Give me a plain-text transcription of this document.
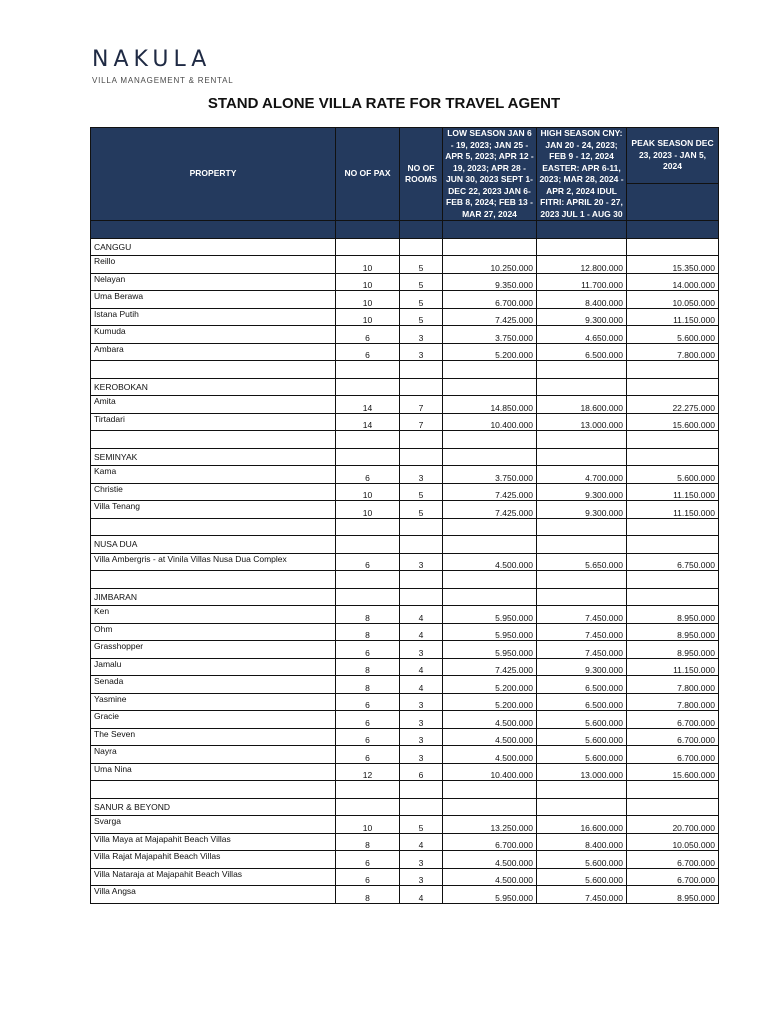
NAKULA
VILLA MANAGEMENT & RENTAL
STAND ALONE VILLA RATE FOR TRAVEL AGENT
PROPERTY	NO OF PAX	NO OF ROOMS	LOW SEASON JAN 6 - 19, 2023; JAN 25 - APR 5, 2023; APR 12 - 19, 2023; APR 28 - JUN 30, 2023 SEPT 1-DEC 22, 2023 JAN 6-FEB 8, 2024; FEB 13 - MAR 27, 2024	HIGH SEASON CNY: JAN 20 - 24, 2023; FEB 9 - 12, 2024 EASTER: APR 6-11, 2023; MAR 28, 2024 - APR 2, 2024 IDUL FITRI: APRIL 20 - 27, 2023 JUL 1 - AUG 30	PEAK SEASON DEC 23, 2023 - JAN 5, 2024

CANGGU					
Reillo	10	5	10.250.000	12.800.000	15.350.000
Nelayan	10	5	9.350.000	11.700.000	14.000.000
Uma Berawa	10	5	6.700.000	8.400.000	10.050.000
Istana Putih	10	5	7.425.000	9.300.000	11.150.000
Kumuda	6	3	3.750.000	4.650.000	5.600.000
Ambara	6	3	5.200.000	6.500.000	7.800.000

KEROBOKAN					
Amita	14	7	14.850.000	18.600.000	22.275.000
Tirtadari	14	7	10.400.000	13.000.000	15.600.000

SEMINYAK					
Kama	6	3	3.750.000	4.700.000	5.600.000
Christie	10	5	7.425.000	9.300.000	11.150.000
Villa Tenang	10	5	7.425.000	9.300.000	11.150.000

NUSA DUA					
Villa Ambergris - at Vinila Villas Nusa Dua Complex	6	3	4.500.000	5.650.000	6.750.000

JIMBARAN					
Ken	8	4	5.950.000	7.450.000	8.950.000
Ohm	8	4	5.950.000	7.450.000	8.950.000
Grasshopper	6	3	5.950.000	7.450.000	8.950.000
Jamalu	8	4	7.425.000	9.300.000	11.150.000
Senada	8	4	5.200.000	6.500.000	7.800.000
Yasmine	6	3	5.200.000	6.500.000	7.800.000
Gracie	6	3	4.500.000	5.600.000	6.700.000
The Seven	6	3	4.500.000	5.600.000	6.700.000
Nayra	6	3	4.500.000	5.600.000	6.700.000
Uma Nina	12	6	10.400.000	13.000.000	15.600.000

SANUR & BEYOND					
Svarga	10	5	13.250.000	16.600.000	20.700.000
Villa Maya at Majapahit Beach Villas	8	4	6.700.000	8.400.000	10.050.000
Villa Rajat Majapahit Beach Villas	6	3	4.500.000	5.600.000	6.700.000
Villa Nataraja at Majapahit Beach Villas	6	3	4.500.000	5.600.000	6.700.000
Villa Angsa	8	4	5.950.000	7.450.000	8.950.000
